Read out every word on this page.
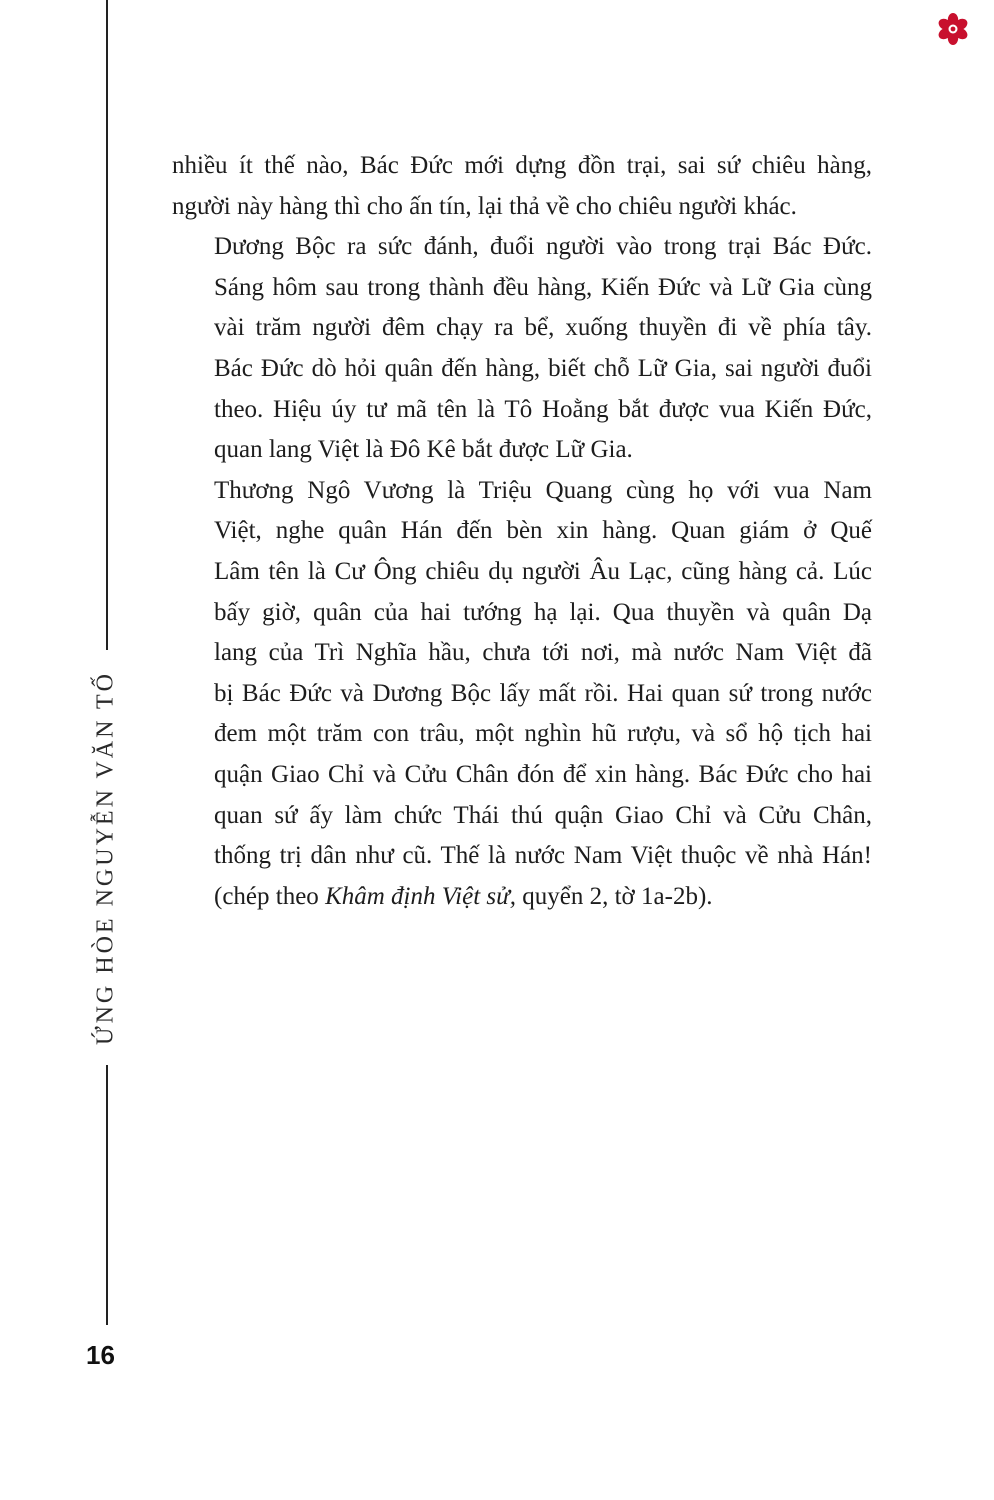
ỨNG HÒE NGUYỄN VĂN TỐ
16

nhiều ít thế nào, Bác Đức mới dựng đồn trại, sai sứ chiêu hàng,
người này hàng thì cho ấn tín, lại thả về cho chiêu người khác.

Dương Bộc ra sức đánh, đuổi người vào trong trại Bác Đức.
Sáng hôm sau trong thành đều hàng, Kiến Đức và Lữ Gia cùng
vài trăm người đêm chạy ra bể, xuống thuyền đi về phía tây.
Bác Đức dò hỏi quân đến hàng, biết chỗ Lữ Gia, sai người đuổi
theo. Hiệu úy tư mã tên là Tô Hoằng bắt được vua Kiến Đức,
quan lang Việt là Đô Kê bắt được Lữ Gia.

Thương Ngô Vương là Triệu Quang cùng họ với vua Nam
Việt, nghe quân Hán đến bèn xin hàng. Quan giám ở Quế
Lâm tên là Cư Ông chiêu dụ người Âu Lạc, cũng hàng cả. Lúc
bấy giờ, quân của hai tướng hạ lại. Qua thuyền và quân Dạ
lang của Trì Nghĩa hầu, chưa tới nơi, mà nước Nam Việt đã
bị Bác Đức và Dương Bộc lấy mất rồi. Hai quan sứ trong nước
đem một trăm con trâu, một nghìn hũ rượu, và sổ hộ tịch hai
quận Giao Chỉ và Cửu Chân đón để xin hàng. Bác Đức cho hai
quan sứ ấy làm chức Thái thú quận Giao Chỉ và Cửu Chân,
thống trị dân như cũ. Thế là nước Nam Việt thuộc về nhà Hán!
(chép theo Khâm định Việt sử, quyển 2, tờ 1a-2b).
